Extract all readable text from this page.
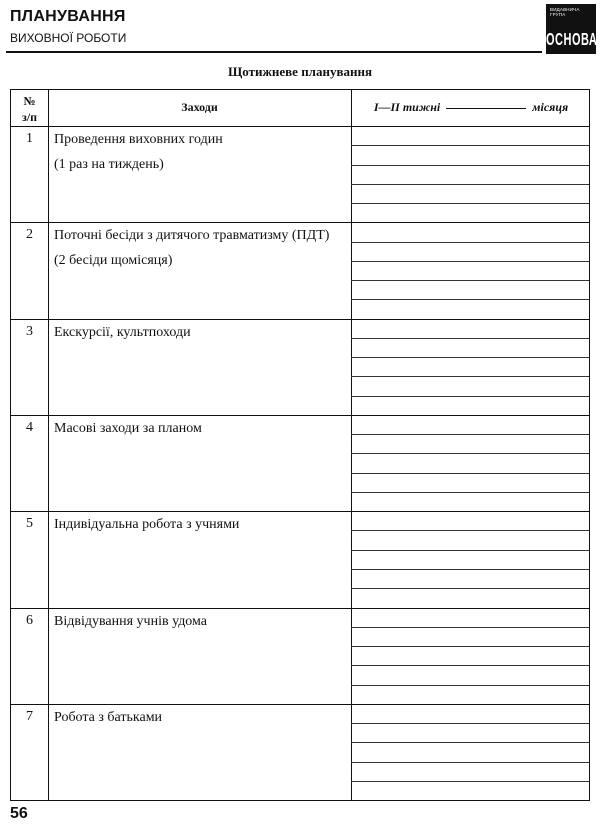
ПЛАНУВАННЯ
ВИХОВНОЇ РОБОТИ
ВИДАВНИЧА ГРУПА
ОСНОВА
Щотижневе планування
№
з/п
Заходи	I—II тижні	місяця
1	Проведення виховних годин
(1 раз на тиждень)
2	Поточні бесіди з дитячого травматизму (ПДТ)
(2 бесіди щомісяця)
3	Екскурсії, культпоходи
4	Масові заходи за планом
5	Індивідуальна робота з учнями
6	Відвідування учнів удома
7	Робота з батьками
56
